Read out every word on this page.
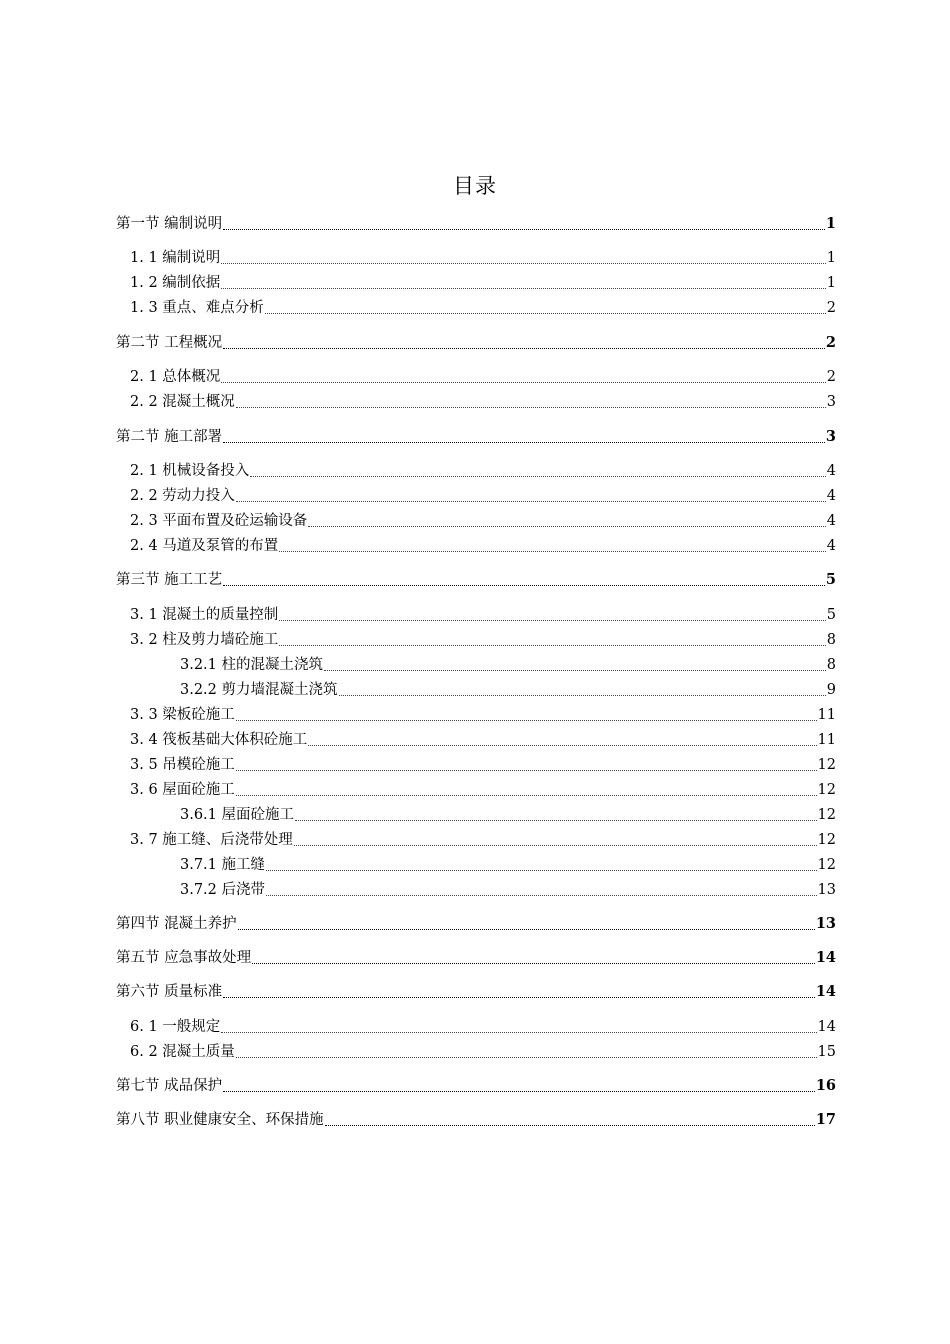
目录
第一节 编制说明	1
1. 1 编制说明	1
1. 2 编制依据	1
1. 3 重点、难点分析	2
第二节 工程概况	2
2. 1 总体概况	2
2. 2 混凝土概况	3
第二节 施工部署	3
2. 1 机械设备投入	4
2. 2 劳动力投入	4
2. 3 平面布置及砼运输设备	4
2. 4 马道及泵管的布置	4
第三节 施工工艺	5
3. 1 混凝土的质量控制	5
3. 2 柱及剪力墙砼施工	8
3.2.1 柱的混凝土浇筑	8
3.2.2 剪力墙混凝土浇筑	9
3. 3 梁板砼施工	11
3. 4 筏板基础大体积砼施工	11
3. 5 吊模砼施工	12
3. 6 屋面砼施工	12
3.6.1 屋面砼施工	12
3. 7 施工缝、后浇带处理	12
3.7.1 施工缝	12
3.7.2 后浇带	13
第四节 混凝土养护	13
第五节 应急事故处理	14
第六节 质量标准	14
6. 1 一般规定	14
6. 2 混凝土质量	15
第七节 成品保护	16
第八节 职业健康安全、环保措施	17
